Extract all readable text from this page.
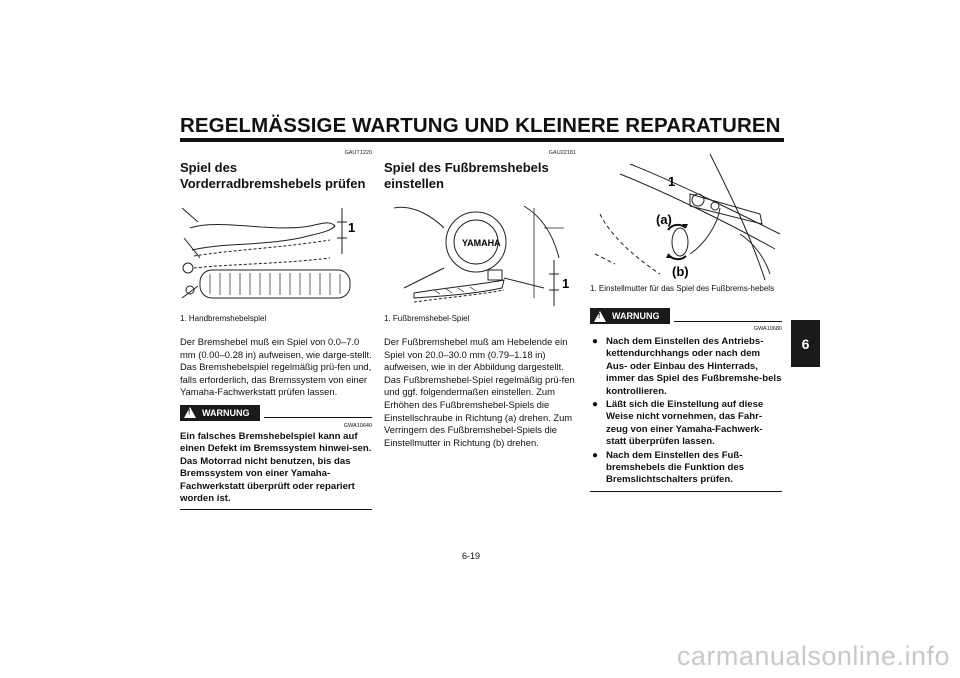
REGELMÄSSIGE WARTUNG UND KLEINERE REPARATUREN
6
GAUT1220
Spiel des Vorderradbremshebels prüfen
1
1. Handbremshebelspiel
Der Bremshebel muß ein Spiel von 0.0–7.0 mm (0.00–0.28 in) aufweisen, wie darge-stellt. Das Bremshebelspiel regelmäßig prü-fen und, falls erforderlich, das Bremssystem von einer Yamaha-Fachwerkstatt prüfen lassen.
! WARNUNG
GWA10640
Ein falsches Bremshebelspiel kann auf einen Defekt im Bremssystem hinwei-sen. Das Motorrad nicht benutzen, bis das Bremssystem von einer Yamaha-Fachwerkstatt überprüft oder repariert worden ist.
GAU22181
Spiel des Fußbremshebels einstellen
YAMAHA
1
1. Fußbremshebel-Spiel
Der Fußbremshebel muß am Hebelende ein Spiel von 20.0–30.0 mm (0.79–1.18 in) aufweisen, wie in der Abbildung dargestellt. Das Fußbremshebel-Spiel regelmäßig prü-fen und ggf. folgendermaßen einstellen. Zum Erhöhen des Fußbremshebel-Spiels die Einstellschraube in Richtung (a) drehen. Zum Verringern des Fußbremshebel-Spiels die Einstellmutter in Richtung (b) drehen.
1
(a)
(b)
1. Einstellmutter für das Spiel des Fußbrems-hebels
! WARNUNG
GWA10680
● Nach dem Einstellen des Antriebs-kettendurchhangs oder nach dem Aus- oder Einbau des Hinterrads, immer das Spiel des Fußbremshe-bels kontrollieren.
● Läßt sich die Einstellung auf diese Weise nicht vornehmen, das Fahr-zeug von einer Yamaha-Fachwerk-statt überprüfen lassen.
● Nach dem Einstellen des Fuß-bremshebels die Funktion des Bremslichtschalters prüfen.
6-19
carmanualsonline.info
